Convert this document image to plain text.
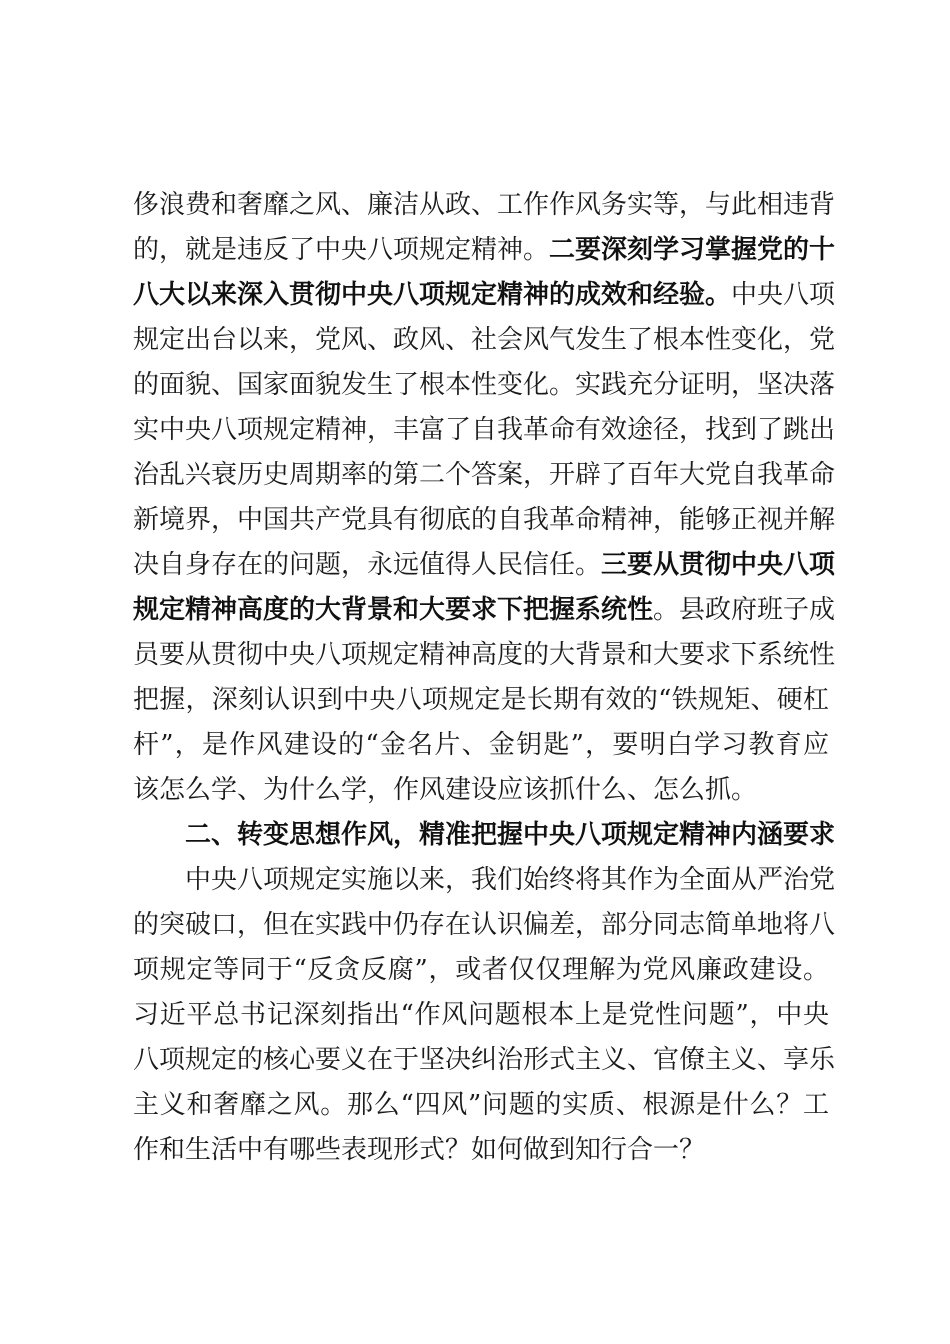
侈浪费和奢靡之风、廉洁从政、工作作风务实等，与此相违背
的，就是违反了中央八项规定精神。二要深刻学习掌握党的十
八大以来深入贯彻中央八项规定精神的成效和经验。中央八项
规定出台以来，党风、政风、社会风气发生了根本性变化，党
的面貌、国家面貌发生了根本性变化。实践充分证明，坚决落
实中央八项规定精神，丰富了自我革命有效途径，找到了跳出
治乱兴衰历史周期率的第二个答案，开辟了百年大党自我革命
新境界，中国共产党具有彻底的自我革命精神，能够正视并解
决自身存在的问题，永远值得人民信任。三要从贯彻中央八项
规定精神高度的大背景和大要求下把握系统性。县政府班子成
员要从贯彻中央八项规定精神高度的大背景和大要求下系统性
把握，深刻认识到中央八项规定是长期有效的“铁规矩、硬杠
杆”，是作风建设的“金名片、金钥匙”，要明白学习教育应
该怎么学、为什么学，作风建设应该抓什么、怎么抓。
二、转变思想作风，精准把握中央八项规定精神内涵要求
中央八项规定实施以来，我们始终将其作为全面从严治党
的突破口，但在实践中仍存在认识偏差，部分同志简单地将八
项规定等同于“反贪反腐”，或者仅仅理解为党风廉政建设。
习近平总书记深刻指出“作风问题根本上是党性问题”，中央
八项规定的核心要义在于坚决纠治形式主义、官僚主义、享乐
主义和奢靡之风。那么“四风”问题的实质、根源是什么？工
作和生活中有哪些表现形式？如何做到知行合一？
